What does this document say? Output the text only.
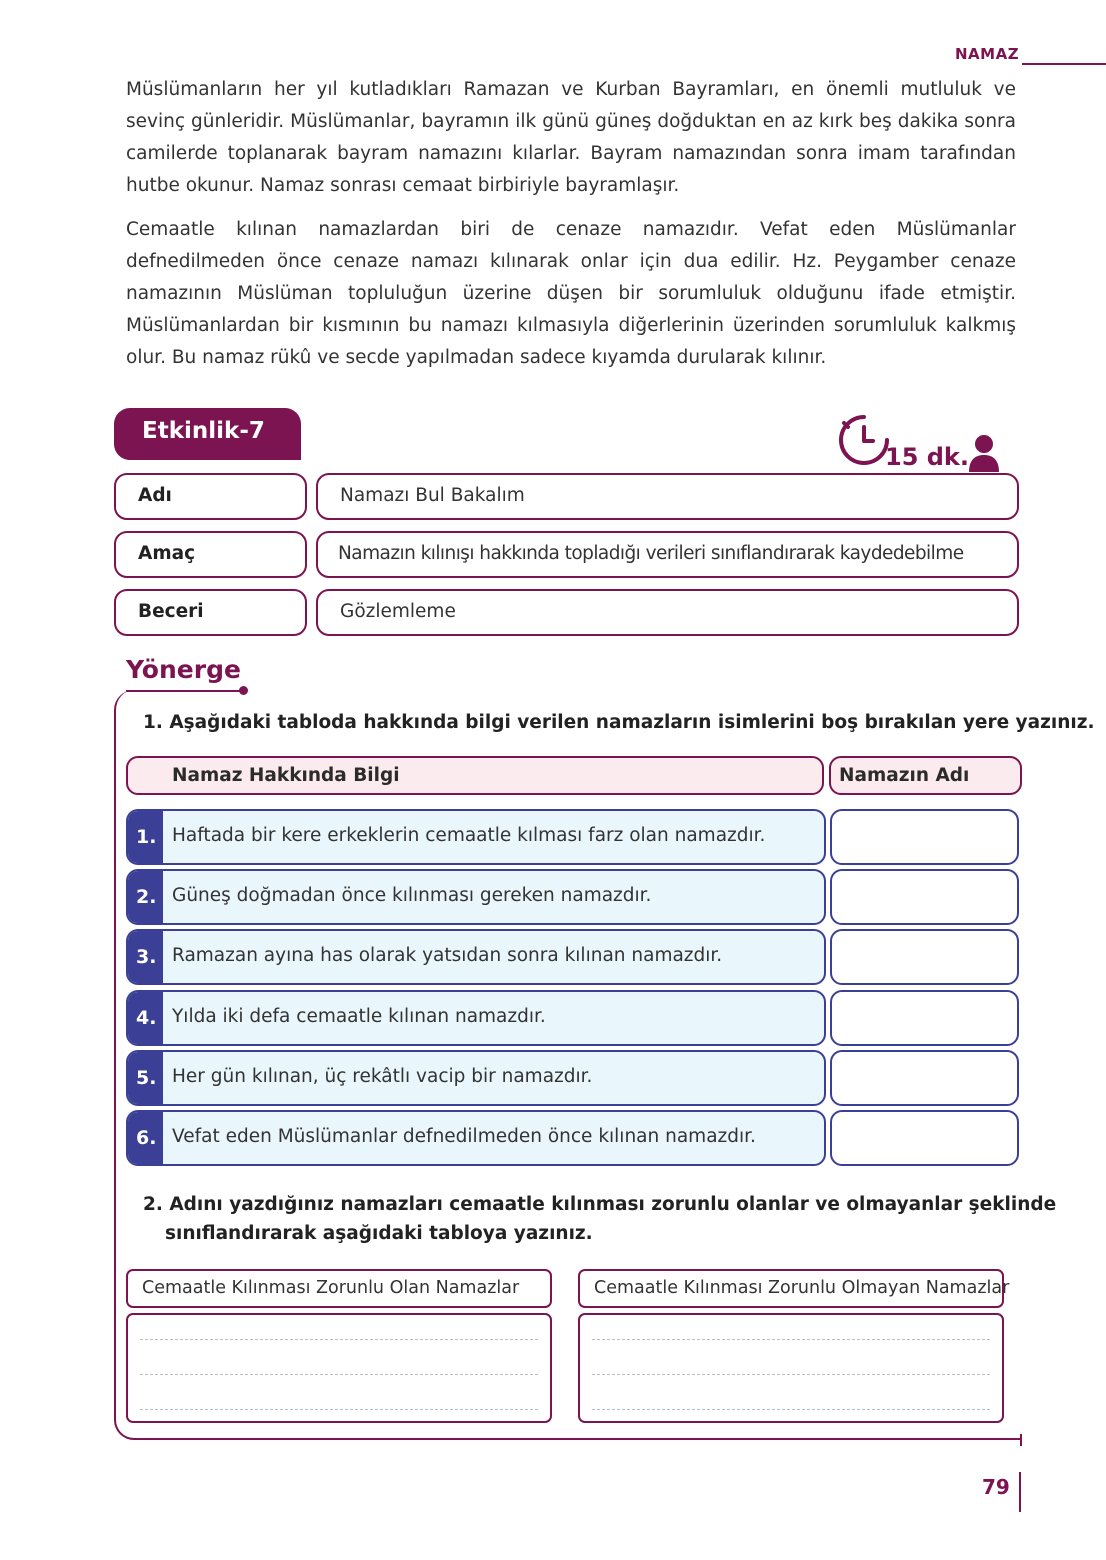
NAMAZ

Müslümanların her yıl kutladıkları Ramazan ve Kurban Bayramları, en önemli mutluluk ve sevinç günleridir. Müslümanlar, bayramın ilk günü güneş doğduktan en az kırk beş dakika sonra camilerde toplanarak bayram namazını kılarlar. Bayram namazından sonra imam tarafından hutbe okunur. Namaz sonrası cemaat birbiriyle bayramlaşır.

Cemaatle kılınan namazlardan biri de cenaze namazıdır. Vefat eden Müslümanlar defnedilmeden önce cenaze namazı kılınarak onlar için dua edilir. Hz. Peygamber cenaze namazının Müslüman topluluğun üzerine düşen bir sorumluluk olduğunu ifade etmiştir. Müslümanlardan bir kısmının bu namazı kılmasıyla diğerlerinin üzerinden sorumluluk kalkmış olur. Bu namaz rükû ve secde yapılmadan sadece kıyamda durularak kılınır.

Etkinlik-7
15 dk.
Adı	Namazı Bul Bakalım
Amaç	Namazın kılınışı hakkında topladığı verileri sınıflandırarak kaydedebilme
Beceri	Gözlemleme
Yönerge
1. Aşağıdaki tabloda hakkında bilgi verilen namazların isimlerini boş bırakılan yere yazınız.
Namaz Hakkında Bilgi	Namazın Adı
1. Haftada bir kere erkeklerin cemaatle kılması farz olan namazdır.
2. Güneş doğmadan önce kılınması gereken namazdır.
3. Ramazan ayına has olarak yatsıdan sonra kılınan namazdır.
4. Yılda iki defa cemaatle kılınan namazdır.
5. Her gün kılınan, üç rekâtlı vacip bir namazdır.
6. Vefat eden Müslümanlar defnedilmeden önce kılınan namazdır.
2. Adını yazdığınız namazları cemaatle kılınması zorunlu olanlar ve olmayanlar şeklinde
sınıflandırarak aşağıdaki tabloya yazınız.
Cemaatle Kılınması Zorunlu Olan Namazlar	Cemaatle Kılınması Zorunlu Olmayan Namazlar
79
